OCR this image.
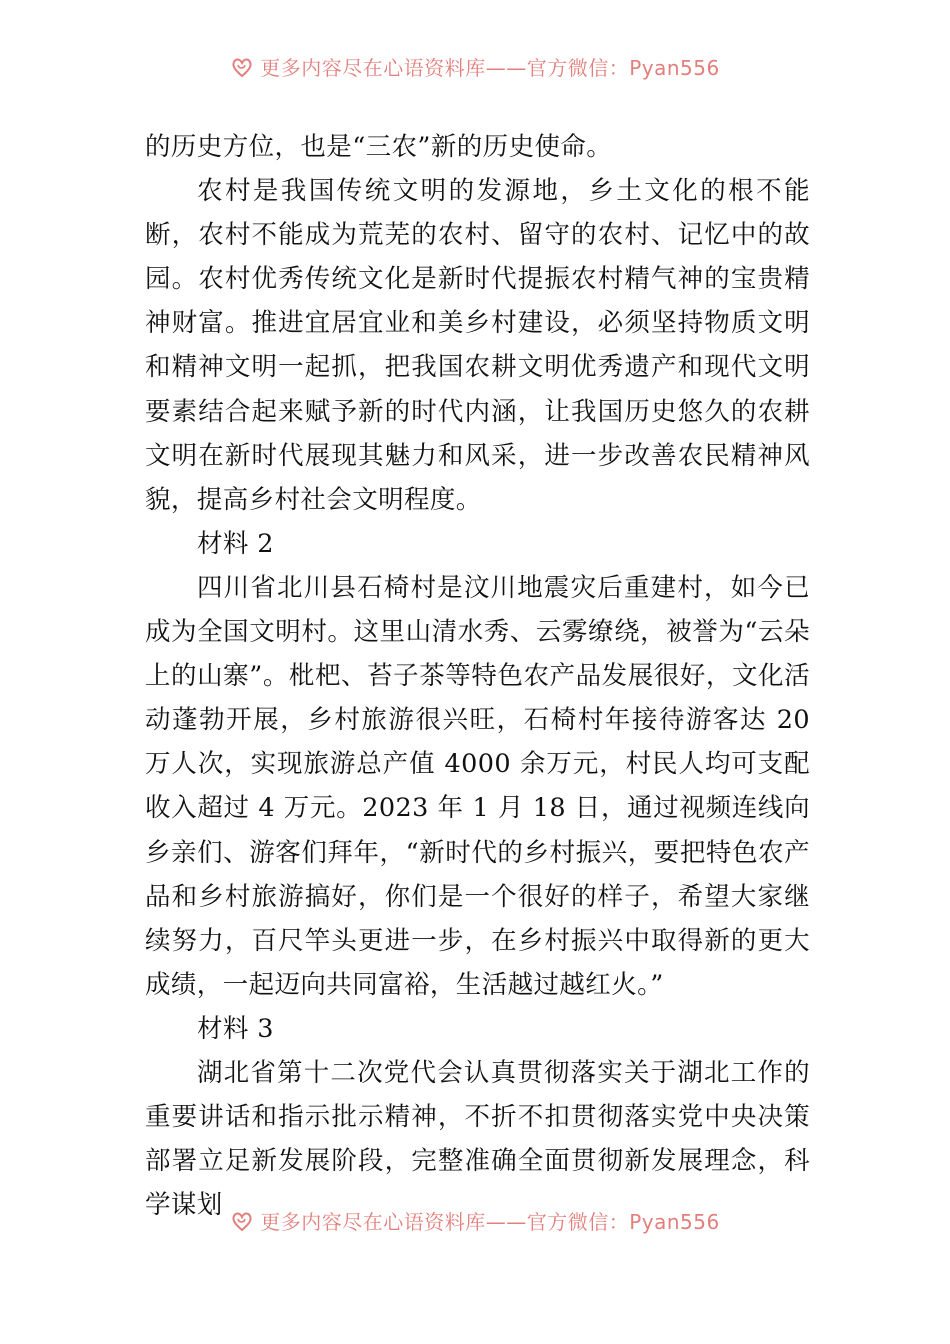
更多内容尽在心语资料库——官方微信：Pyan556

的历史方位，也是“三农”新的历史使命。

农村是我国传统文明的发源地，乡土文化的根不能断，农村不能成为荒芜的农村、留守的农村、记忆中的故园。农村优秀传统文化是新时代提振农村精气神的宝贵精神财富。推进宜居宜业和美乡村建设，必须坚持物质文明和精神文明一起抓，把我国农耕文明优秀遗产和现代文明要素结合起来赋予新的时代内涵，让我国历史悠久的农耕文明在新时代展现其魅力和风采，进一步改善农民精神风貌，提高乡村社会文明程度。

材料 2

四川省北川县石椅村是汶川地震灾后重建村，如今已成为全国文明村。这里山清水秀、云雾缭绕，被誉为“云朵上的山寨”。枇杷、苔子茶等特色农产品发展很好，文化活动蓬勃开展，乡村旅游很兴旺，石椅村年接待游客达 20 万人次，实现旅游总产值 4000 余万元，村民人均可支配收入超过 4 万元。2023 年 1 月 18 日，通过视频连线向乡亲们、游客们拜年，“新时代的乡村振兴，要把特色农产品和乡村旅游搞好，你们是一个很好的样子，希望大家继续努力，百尺竿头更进一步，在乡村振兴中取得新的更大成绩，一起迈向共同富裕，生活越过越红火。”

材料 3

湖北省第十二次党代会认真贯彻落实关于湖北工作的重要讲话和指示批示精神，不折不扣贯彻落实党中央决策部署立足新发展阶段，完整准确全面贯彻新发展理念，科学谋划

更多内容尽在心语资料库——官方微信：Pyan556
